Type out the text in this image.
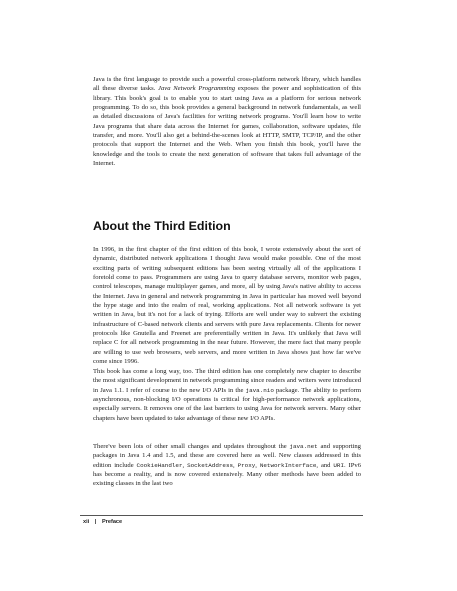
Java is the first language to provide such a powerful cross-platform network library, which handles all these diverse tasks. Java Network Programming exposes the power and sophistication of this library. This book's goal is to enable you to start using Java as a platform for serious network programming. To do so, this book provides a general background in network fundamentals, as well as detailed discussions of Java's facilities for writing network programs. You'll learn how to write Java programs that share data across the Internet for games, collaboration, software updates, file transfer, and more. You'll also get a behind-the-scenes look at HTTP, SMTP, TCP/IP, and the other protocols that support the Internet and the Web. When you finish this book, you'll have the knowledge and the tools to create the next generation of software that takes full advantage of the Internet.

About the Third Edition

In 1996, in the first chapter of the first edition of this book, I wrote extensively about the sort of dynamic, distributed network applications I thought Java would make possible. One of the most exciting parts of writing subsequent editions has been seeing virtually all of the applications I foretold come to pass. Programmers are using Java to query database servers, monitor web pages, control telescopes, manage multiplayer games, and more, all by using Java's native ability to access the Internet. Java in general and network programming in Java in particular has moved well beyond the hype stage and into the realm of real, working applications. Not all network software is yet written in Java, but it's not for a lack of trying. Efforts are well under way to subvert the existing infrastructure of C-based network clients and servers with pure Java replacements. Clients for newer protocols like Gnutella and Freenet are preferentially written in Java. It's unlikely that Java will replace C for all network programming in the near future. However, the mere fact that many people are willing to use web browsers, web servers, and more written in Java shows just how far we've come since 1996.

This book has come a long way, too. The third edition has one completely new chapter to describe the most significant development in network programming since readers and writers were introduced in Java 1.1. I refer of course to the new I/O APIs in the java.nio package. The ability to perform asynchronous, non-blocking I/O operations is critical for high-performance network applications, especially servers. It removes one of the last barriers to using Java for network servers. Many other chapters have been updated to take advantage of these new I/O APIs.

There've been lots of other small changes and updates throughout the java.net and supporting packages in Java 1.4 and 1.5, and these are covered here as well. New classes addressed in this edition include CookieHandler, SocketAddress, Proxy, NetworkInterface, and URI. IPv6 has become a reality, and is now covered extensively. Many other methods have been added to existing classes in the last two

xii | Preface
